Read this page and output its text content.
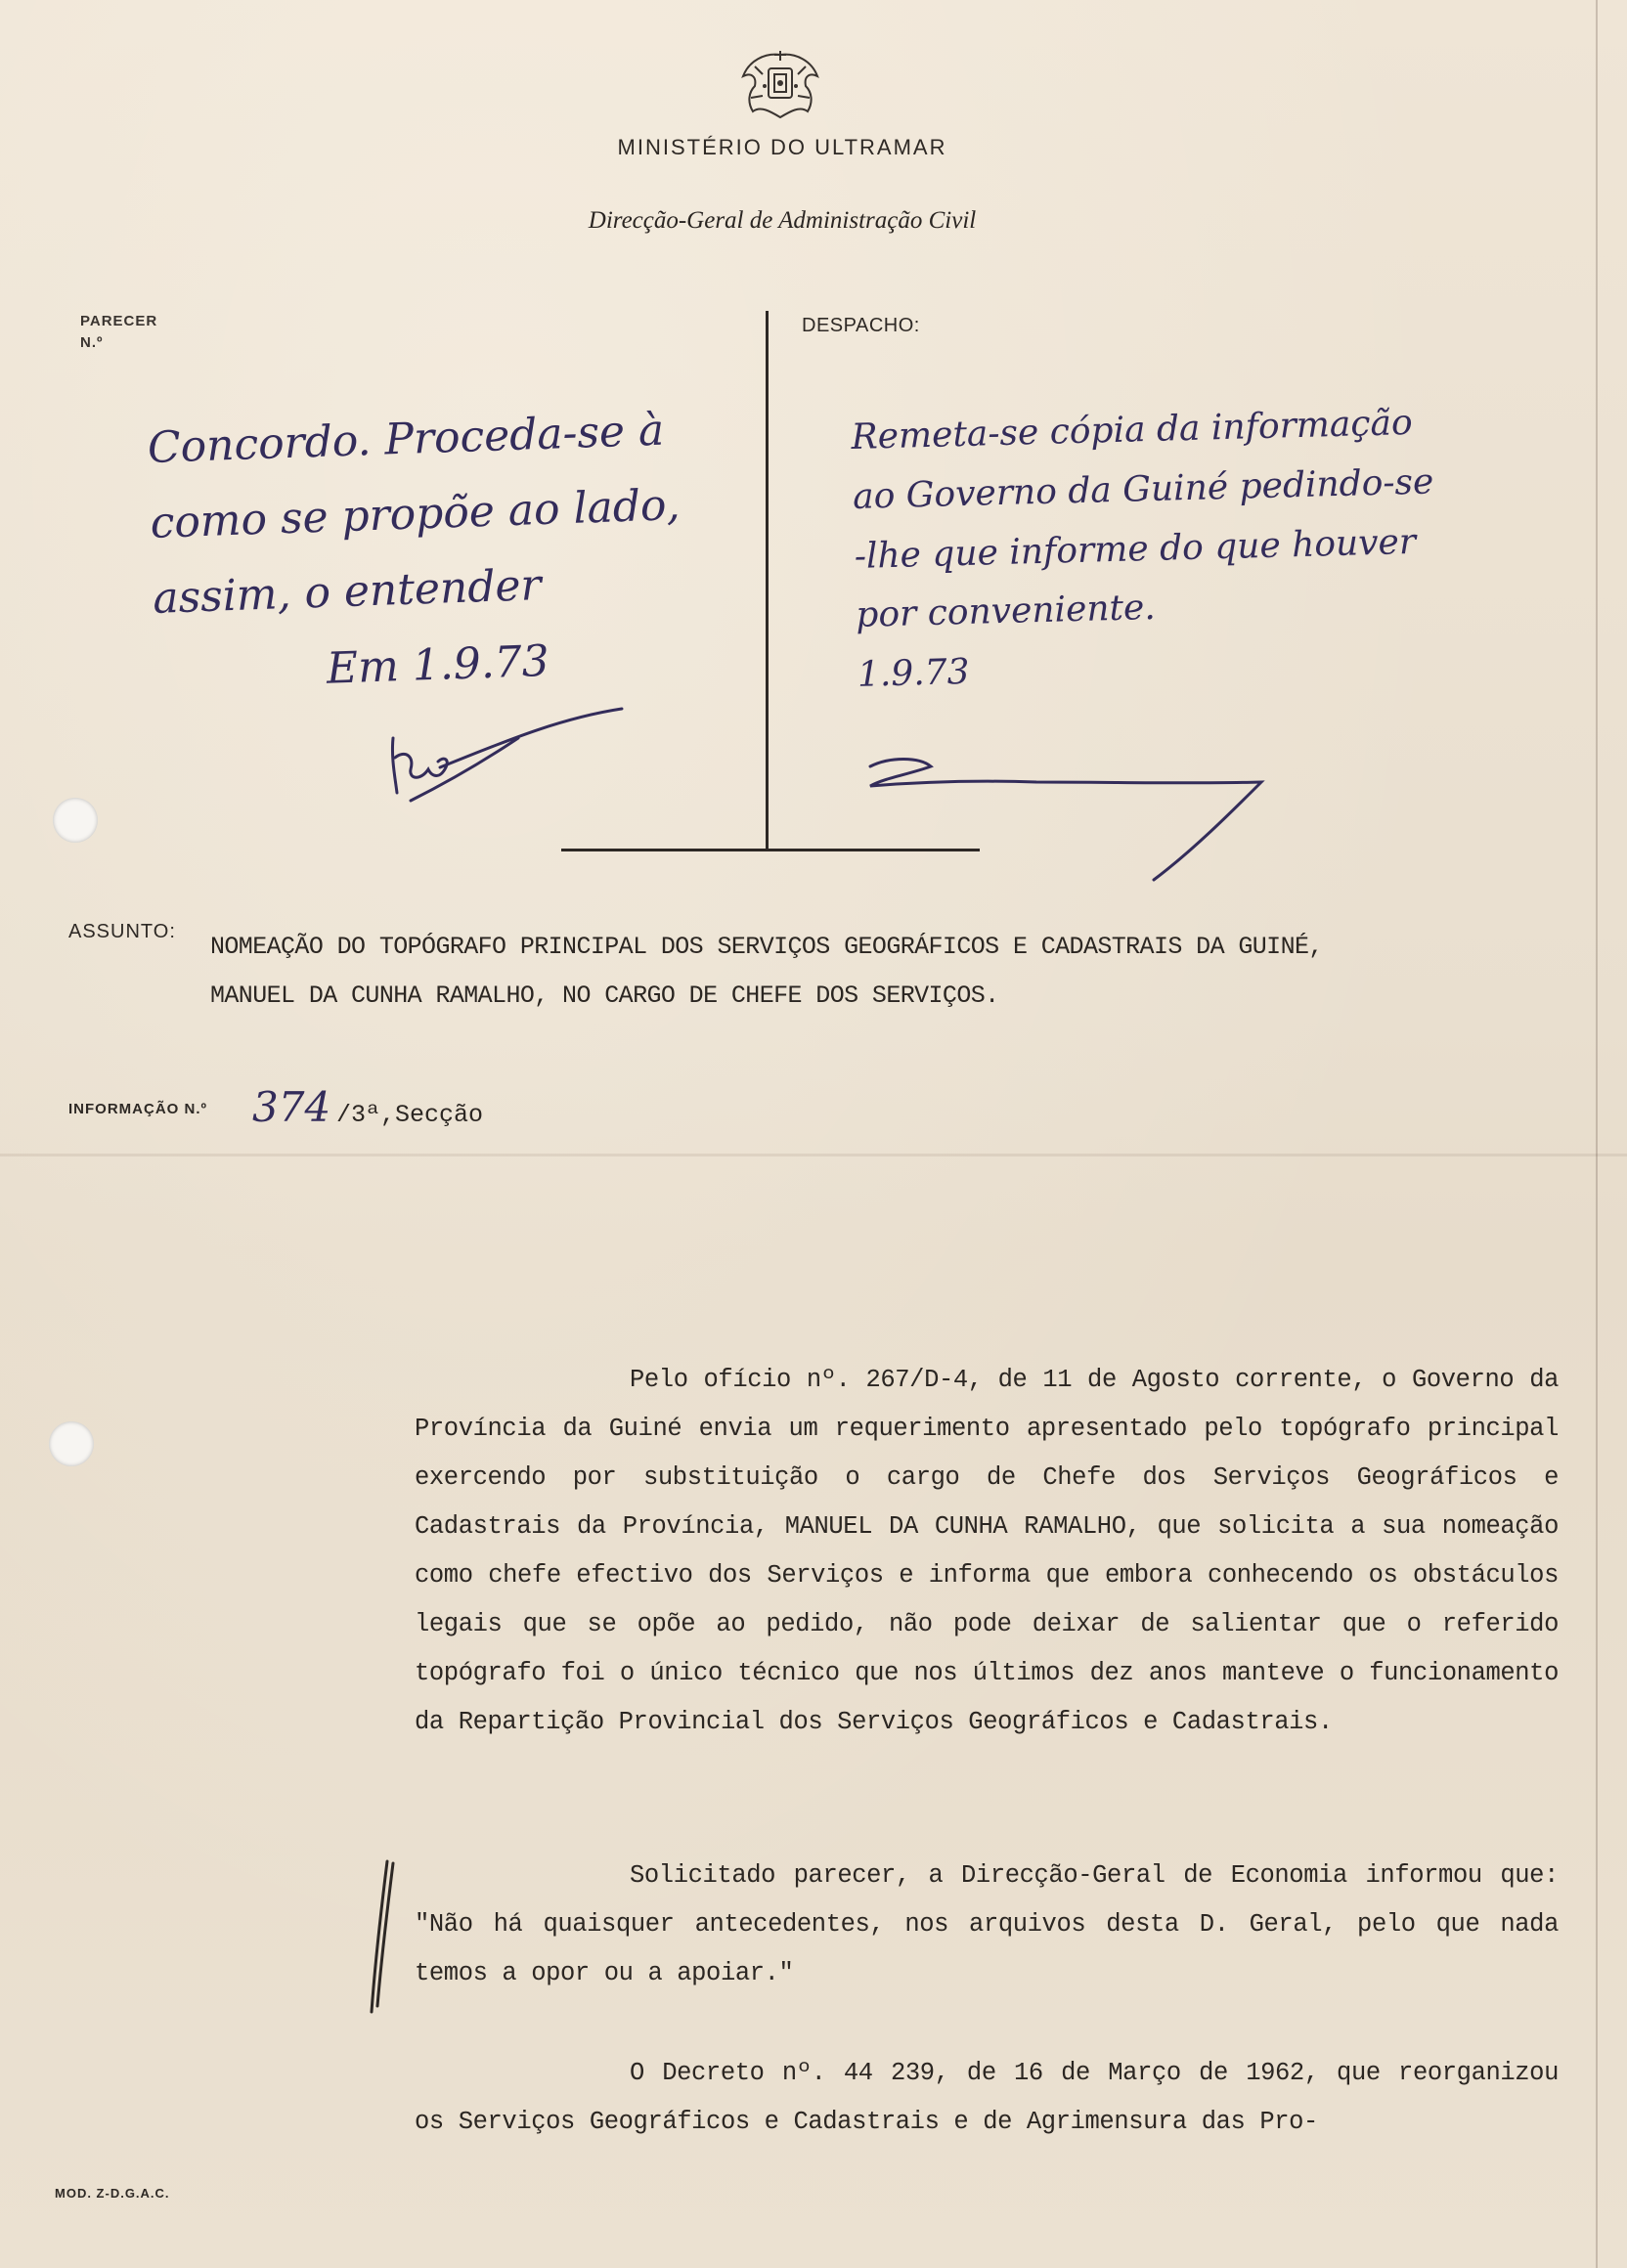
MINISTÉRIO DO ULTRAMAR
Direcção-Geral de Administração Civil
PARECER
N.º
DESPACHO:
Concordo. Proceda-se à
como se propõe ao lado,
assim, o entender
Em 1.9.73
Remeta-se cópia da informação
ao Governo da Guiné pedindo-se
-lhe que informe do que houver
por conveniente.
1.9.73
ASSUNTO:
NOMEAÇÃO DO TOPÓGRAFO PRINCIPAL DOS SERVIÇOS GEOGRÁFICOS E CADASTRAIS DA GUINÉ,
MANUEL DA CUNHA RAMALHO, NO CARGO DE CHEFE DOS SERVIÇOS.
INFORMAÇÃO N.º 374 /3ª,Secção
Pelo ofício nº. 267/D-4, de 11 de Agosto corrente, o Governo da Província da Guiné envia um requerimento apresentado pelo topógrafo principal exercendo por substituição o cargo de Chefe dos Serviços Geográficos e Cadastrais da Província, MANUEL DA CUNHA RAMALHO, que solicita a sua nomeação como chefe efectivo dos Serviços e informa que embora conhecendo os obstáculos legais que se opõe ao pedido, não pode deixar de salientar que o referido topógrafo foi o único técnico que nos últimos dez anos manteve o funcionamento da Repartição Provincial dos Serviços Geográficos e Cadastrais.
Solicitado parecer, a Direcção-Geral de Economia informou que: "Não há quaisquer antecedentes, nos arquivos desta D. Geral, pelo que nada temos a opor ou a apoiar."
O Decreto nº. 44 239, de 16 de Março de 1962, que reorganizou os Serviços Geográficos e Cadastrais e de Agrimensura das Pro-
MOD. Z-D.G.A.C.
